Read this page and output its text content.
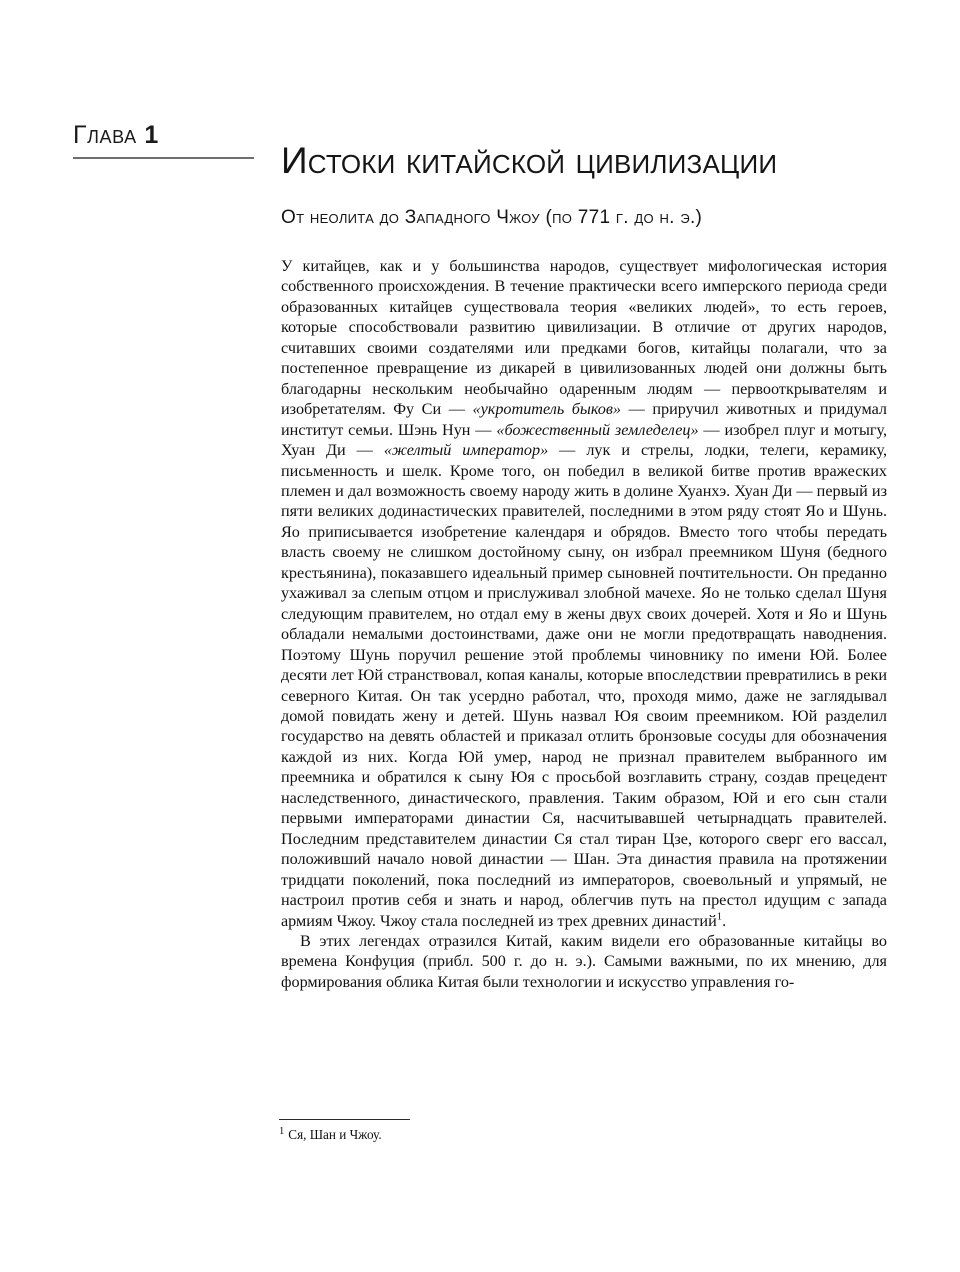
Глава 1
Истоки китайской цивилизации
От неолита до Западного Чжоу (по 771 г. до н. э.)

У китайцев, как и у большинства народов, существует мифологическая история собственного происхождения. В течение практически всего имперского периода среди образованных китайцев существовала теория «великих людей», то есть героев, которые способствовали развитию цивилизации. В отличие от других народов, считавших своими создателями или предками богов, китайцы полагали, что за постепенное превращение из дикарей в цивилизованных людей они должны быть благодарны нескольким необычайно одаренным людям — первооткрывателям и изобретателям. Фу Си — «укротитель быков» — приручил животных и придумал институт семьи. Шэнь Нун — «божественный земледелец» — изобрел плуг и мотыгу, Хуан Ди — «желтый император» — лук и стрелы, лодки, телеги, керамику, письменность и шелк. Кроме того, он победил в великой битве против вражеских племен и дал возможность своему народу жить в долине Хуанхэ. Хуан Ди — первый из пяти великих додинастических правителей, последними в этом ряду стоят Яо и Шунь. Яо приписывается изобретение календаря и обрядов. Вместо того чтобы передать власть своему не слишком достойному сыну, он избрал преемником Шуня (бедного крестьянина), показавшего идеальный пример сыновней почтительности. Он преданно ухаживал за слепым отцом и прислуживал злобной мачехе. Яо не только сделал Шуня следующим правителем, но отдал ему в жены двух своих дочерей. Хотя и Яо и Шунь обладали немалыми достоинствами, даже они не могли предотвращать наводнения. Поэтому Шунь поручил решение этой проблемы чиновнику по имени Юй. Более десяти лет Юй странствовал, копая каналы, которые впоследствии превратились в реки северного Китая. Он так усердно работал, что, проходя мимо, даже не заглядывал домой повидать жену и детей. Шунь назвал Юя своим преемником. Юй разделил государство на девять областей и приказал отлить бронзовые сосуды для обозначения каждой из них. Когда Юй умер, народ не признал правителем выбранного им преемника и обратился к сыну Юя с просьбой возглавить страну, создав прецедент наследственного, династического, правления. Таким образом, Юй и его сын стали первыми императорами династии Ся, насчитывавшей четырнадцать правителей. Последним представителем династии Ся стал тиран Цзе, которого сверг его вассал, положивший начало новой династии — Шан. Эта династия правила на протяжении тридцати поколений, пока последний из императоров, своевольный и упрямый, не настроил против себя и знать и народ, облегчив путь на престол идущим с запада армиям Чжоу. Чжоу стала последней из трех древних династий$^1$.

В этих легендах отразился Китай, каким видели его образованные китайцы во времена Конфуция (прибл. 500 г. до н. э.). Самыми важными, по их мнению, для формирования облика Китая были технологии и искусство управления го-

$^1$ Ся, Шан и Чжоу.
